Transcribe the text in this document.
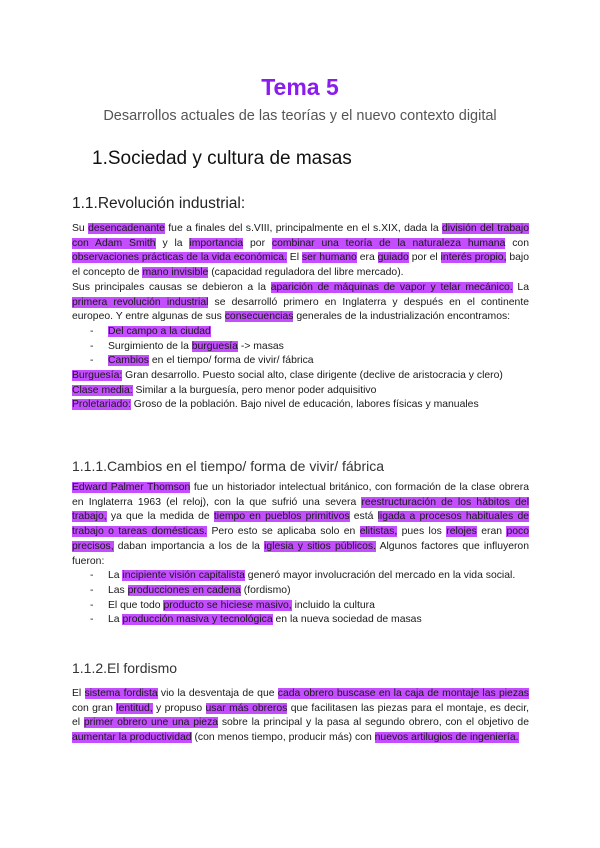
Tema 5
Desarrollos actuales de las teorías y el nuevo contexto digital
1.Sociedad y cultura de masas
1.1.Revolución industrial:

Su desencadenante fue a finales del s.VIII, principalmente en el s.XIX, dada la división del trabajo con Adam Smith y la importancia por combinar una teoría de la naturaleza humana con observaciones prácticas de la vida económica. El ser humano era guiado por el interés propio, bajo el concepto de mano invisible (capacidad reguladora del libre mercado).

Sus principales causas se debieron a la aparición de máquinas de vapor y telar mecánico. La primera revolución industrial se desarrolló primero en Inglaterra y después en el continente europeo. Y entre algunas de sus consecuencias generales de la industrialización encontramos:

- Del campo a la ciudad
- Surgimiento de la burguesía -> masas
- Cambios en el tiempo/ forma de vivir/ fábrica
Burguesía: Gran desarrollo. Puesto social alto, clase dirigente (declive de aristocracia y clero)
Clase media: Similar a la burguesía, pero menor poder adquisitivo
Proletariado: Groso de la población. Bajo nivel de educación, labores físicas y manuales
1.1.1.Cambios en el tiempo/ forma de vivir/ fábrica

Edward Palmer Thomson fue un historiador intelectual británico, con formación de la clase obrera en Inglaterra 1963 (el reloj), con la que sufrió una severa reestructuración de los hábitos del trabajo, ya que la medida de tiempo en pueblos primitivos está ligada a procesos habituales de trabajo o tareas domésticas. Pero esto se aplicaba solo en elitistas, pues los relojes eran poco precisos, daban importancia a los de la iglesia y sitios públicos. Algunos factores que influyeron fueron:

- La incipiente visión capitalista generó mayor involucración del mercado en la vida social.
- Las producciones en cadena (fordismo)
- El que todo producto se hiciese masivo, incluido la cultura
- La producción masiva y tecnológica en la nueva sociedad de masas
1.1.2.El fordismo

El sistema fordista vio la desventaja de que cada obrero buscase en la caja de montaje las piezas con gran lentitud, y propuso usar más obreros que facilitasen las piezas para el montaje, es decir, el primer obrero une una pieza sobre la principal y la pasa al segundo obrero, con el objetivo de aumentar la productividad (con menos tiempo, producir más) con nuevos artilugios de ingeniería.
